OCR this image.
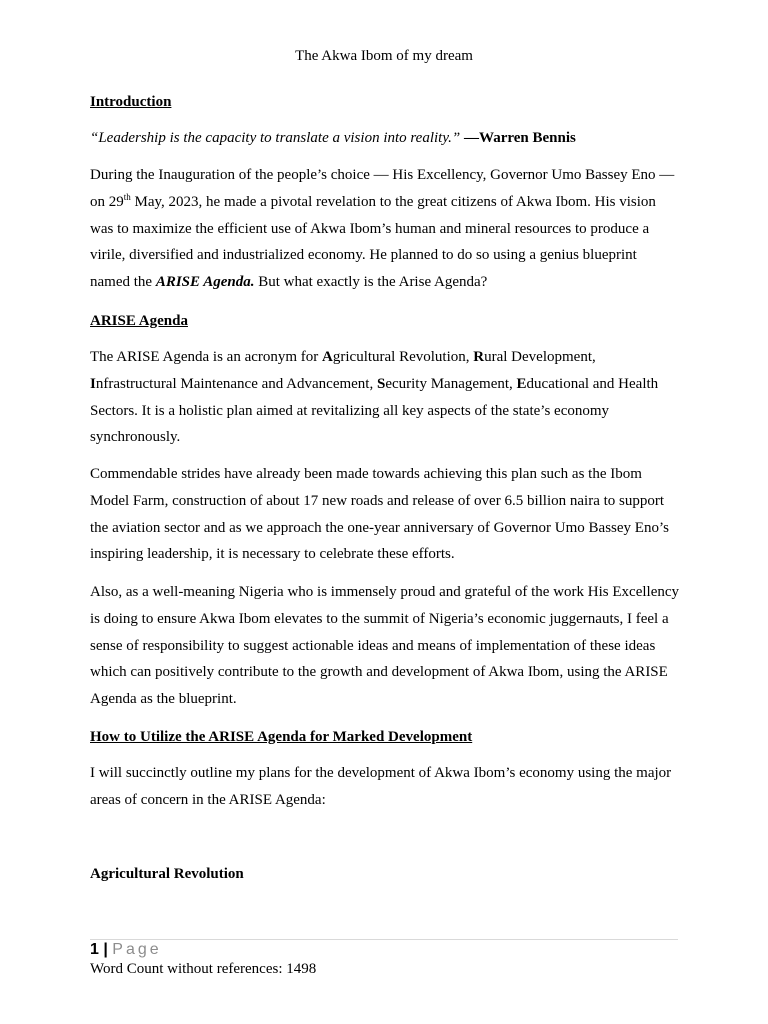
The Akwa Ibom of my dream
Introduction
“Leadership is the capacity to translate a vision into reality.” —Warren Bennis

During the Inauguration of the people’s choice — His Excellency, Governor Umo Bassey Eno — on 29th May, 2023, he made a pivotal revelation to the great citizens of Akwa Ibom. His vision was to maximize the efficient use of Akwa Ibom’s human and mineral resources to produce a virile, diversified and industrialized economy. He planned to do so using a genius blueprint named the ARISE Agenda. But what exactly is the Arise Agenda?

ARISE Agenda

The ARISE Agenda is an acronym for Agricultural Revolution, Rural Development, Infrastructural Maintenance and Advancement, Security Management, Educational and Health Sectors. It is a holistic plan aimed at revitalizing all key aspects of the state’s economy synchronously.

Commendable strides have already been made towards achieving this plan such as the Ibom Model Farm, construction of about 17 new roads and release of over 6.5 billion naira to support the aviation sector and as we approach the one-year anniversary of Governor Umo Bassey Eno’s inspiring leadership, it is necessary to celebrate these efforts.

Also, as a well-meaning Nigeria who is immensely proud and grateful of the work His Excellency is doing to ensure Akwa Ibom elevates to the summit of Nigeria’s economic juggernauts, I feel a sense of responsibility to suggest actionable ideas and means of implementation of these ideas which can positively contribute to the growth and development of Akwa Ibom, using the ARISE Agenda as the blueprint.

How to Utilize the ARISE Agenda for Marked Development

I will succinctly outline my plans for the development of Akwa Ibom’s economy using the major areas of concern in the ARISE Agenda:

Agricultural Revolution
1 | Page
Word Count without references: 1498
